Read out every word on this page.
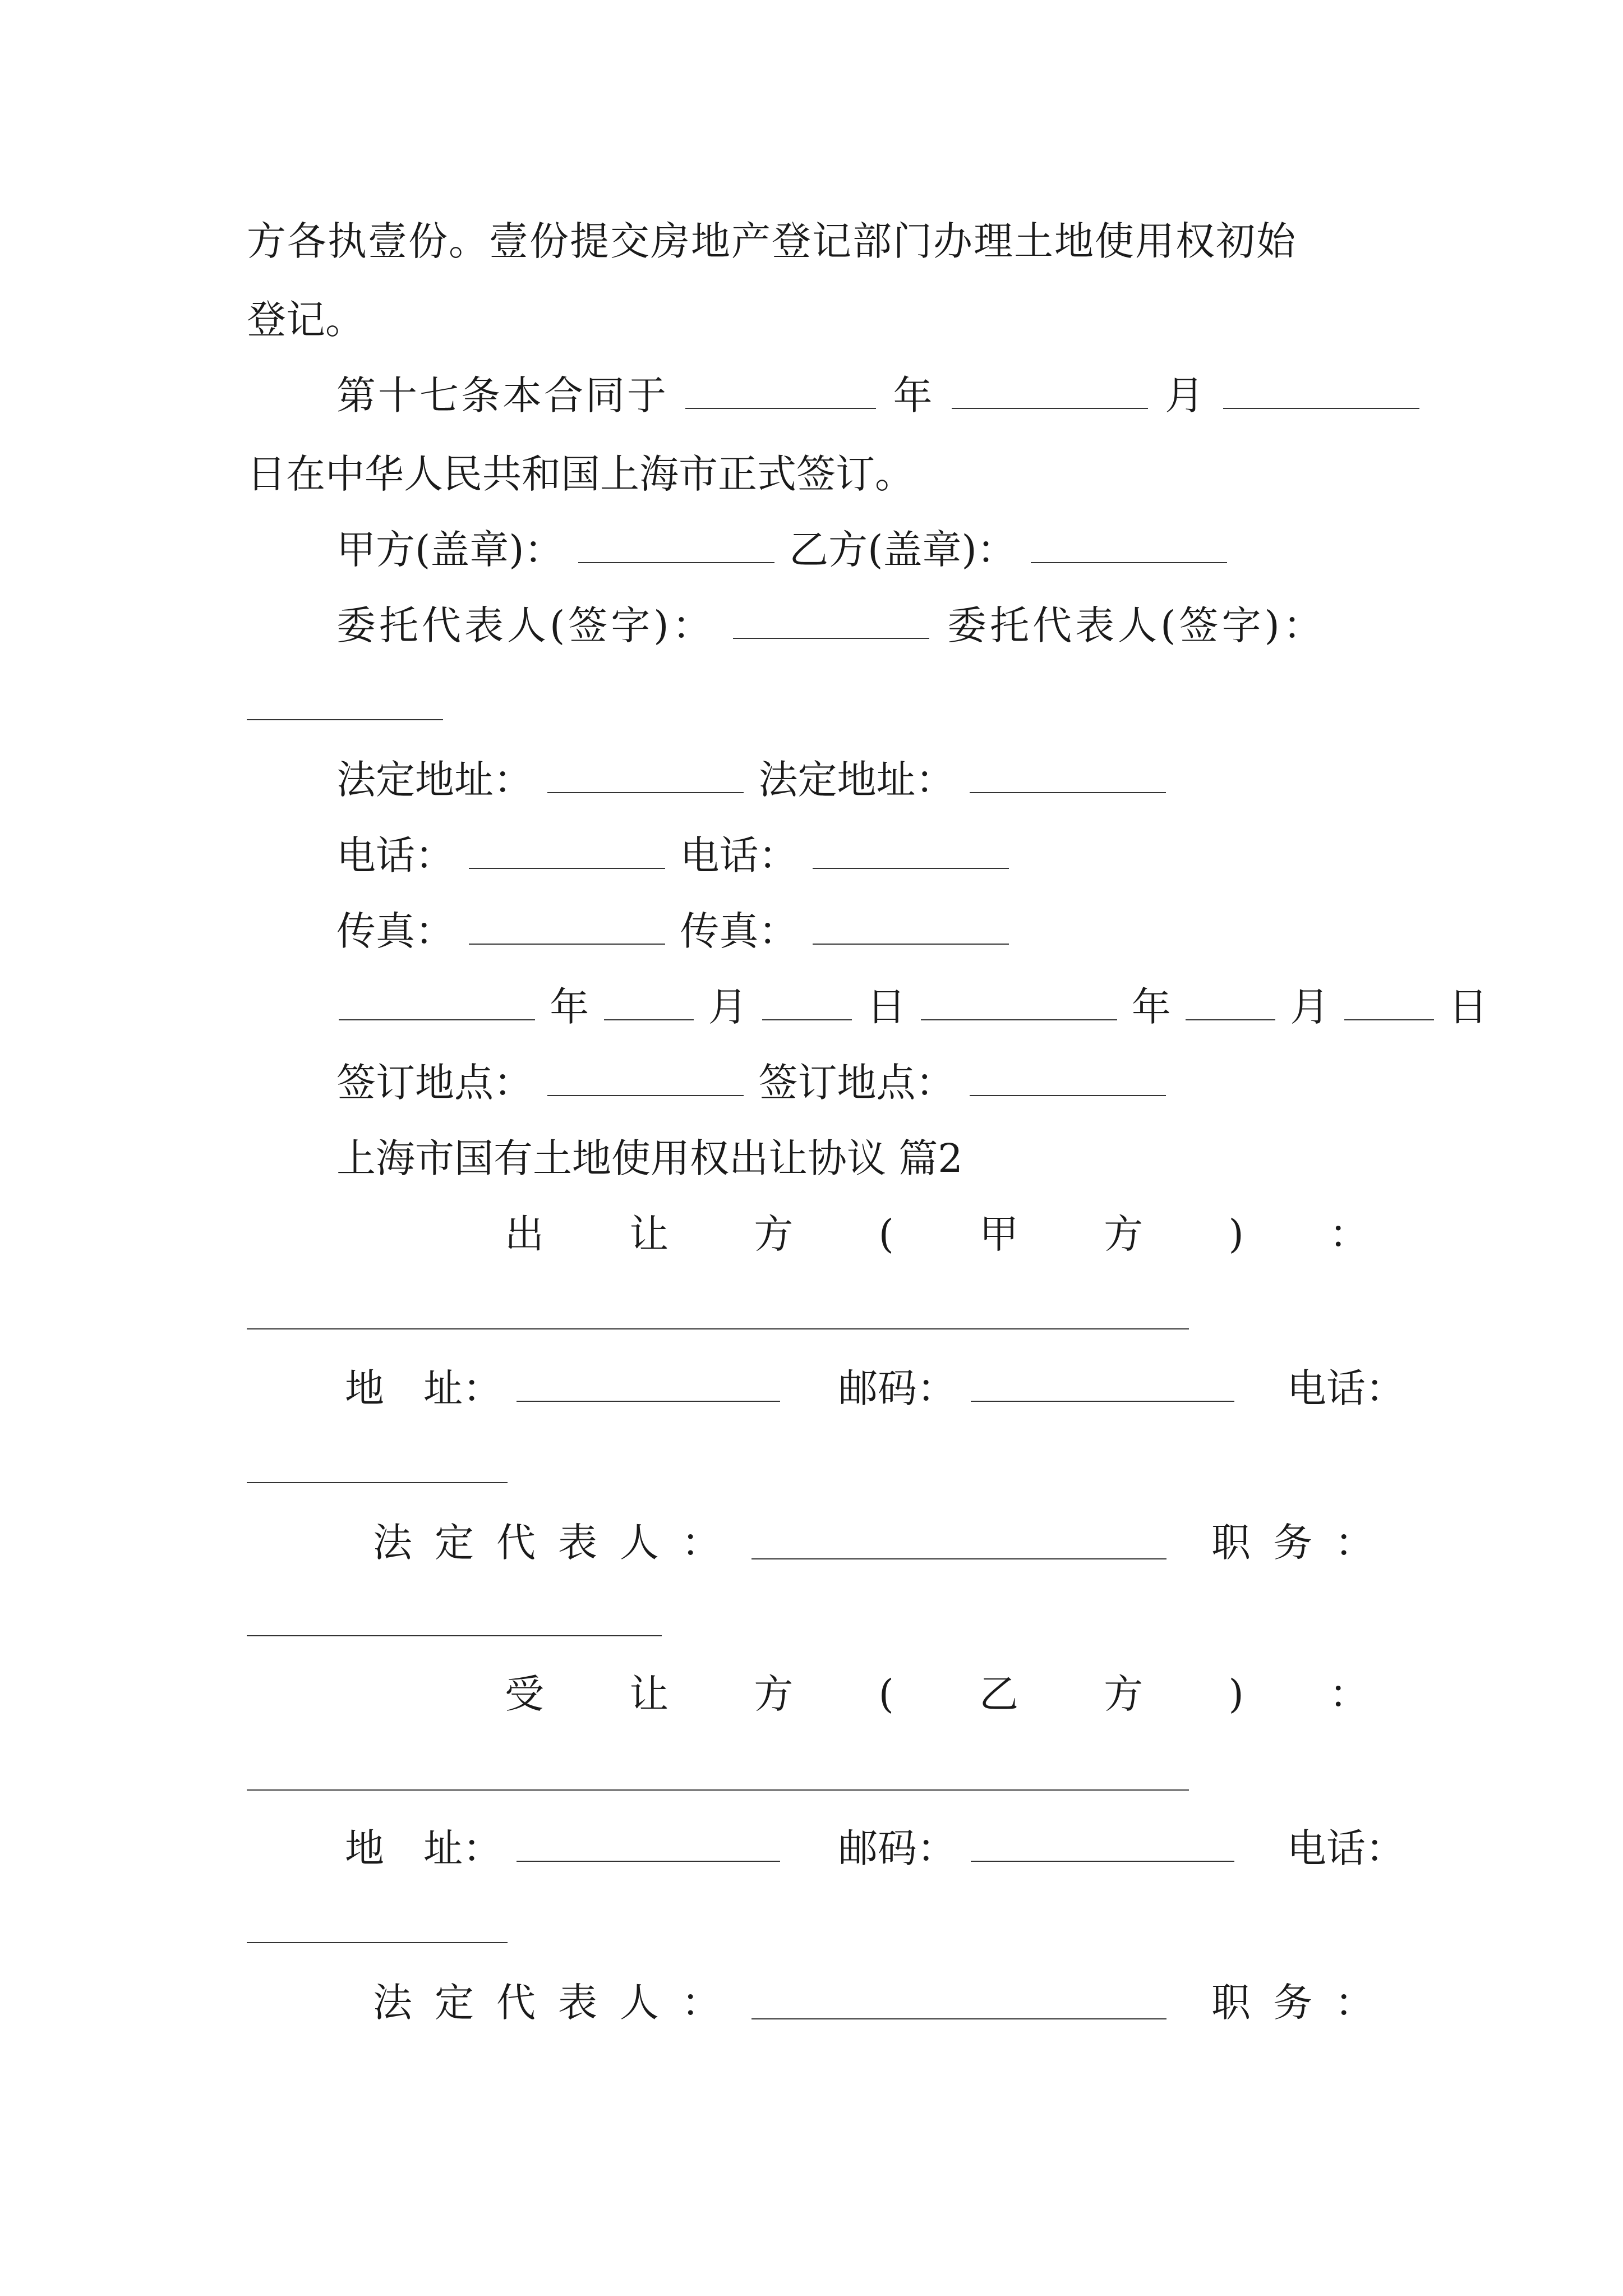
方各执壹份。壹份提交房地产登记部门办理土地使用权初始
登记。
第十七条本合同于	年	月
日在中华人民共和国上海市正式签订。
甲方(盖章)：	乙方(盖章)：
委托代表人(签字)：	委托代表人(签字)：
法定地址：	法定地址：
电话：	电话：
传真：	传真：
年	月	日	年	月	日
签订地点：	签订地点：
上海市国有土地使用权出让协议 篇2
出 让 方 ( 甲 方 ) ：
地　址：	邮码：	电话：
法定代表人：	职务：
受 让 方 ( 乙 方 ) ：
地　址：	邮码：	电话：
法定代表人：	职务：
